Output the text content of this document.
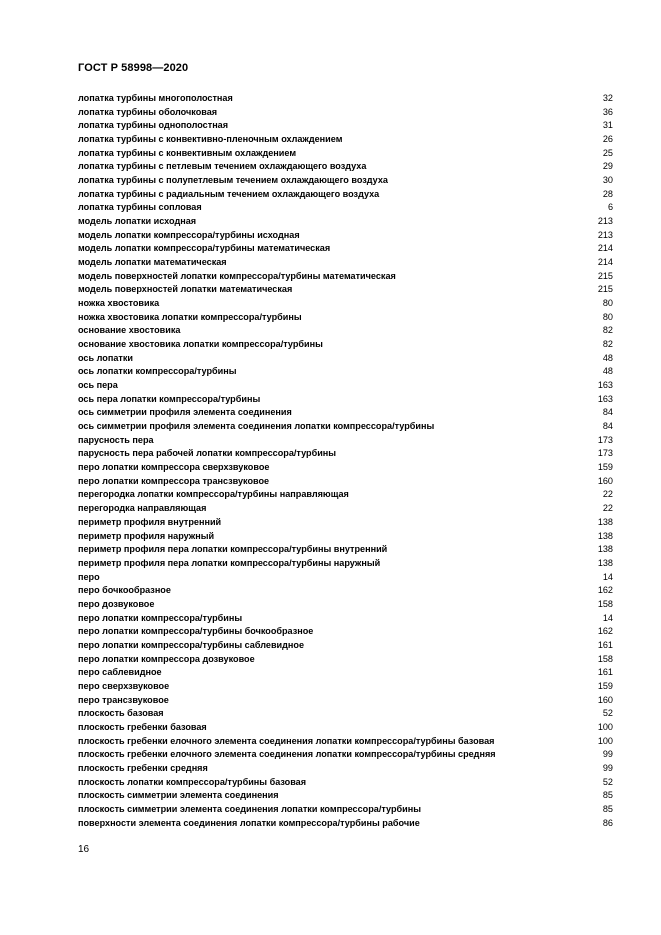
ГОСТ Р 58998—2020
лопатка турбины многополостная	32
лопатка турбины оболочковая	36
лопатка турбины однополостная	31
лопатка турбины с конвективно-пленочным охлаждением	26
лопатка турбины с конвективным охлаждением	25
лопатка турбины с петлевым течением охлаждающего воздуха	29
лопатка турбины с полупетлевым течением охлаждающего воздуха	30
лопатка турбины с радиальным течением охлаждающего воздуха	28
лопатка турбины сопловая	6
модель лопатки исходная	213
модель лопатки компрессора/турбины исходная	213
модель лопатки компрессора/турбины математическая	214
модель лопатки математическая	214
модель поверхностей лопатки компрессора/турбины математическая	215
модель поверхностей лопатки математическая	215
ножка хвостовика	80
ножка хвостовика лопатки компрессора/турбины	80
основание хвостовика	82
основание хвостовика лопатки компрессора/турбины	82
ось лопатки	48
ось лопатки компрессора/турбины	48
ось пера	163
ось пера лопатки компрессора/турбины	163
ось симметрии профиля элемента соединения	84
ось симметрии профиля элемента соединения лопатки компрессора/турбины	84
парусность пера	173
парусность пера рабочей лопатки компрессора/турбины	173
перо лопатки компрессора сверхзвуковое	159
перо лопатки компрессора трансзвуковое	160
перегородка лопатки компрессора/турбины направляющая	22
перегородка направляющая	22
периметр профиля внутренний	138
периметр профиля наружный	138
периметр профиля пера лопатки компрессора/турбины внутренний	138
периметр профиля пера лопатки компрессора/турбины наружный	138
перо	14
перо бочкообразное	162
перо дозвуковое	158
перо лопатки компрессора/турбины	14
перо лопатки компрессора/турбины бочкообразное	162
перо лопатки компрессора/турбины саблевидное	161
перо лопатки компрессора дозвуковое	158
перо саблевидное	161
перо сверхзвуковое	159
перо трансзвуковое	160
плоскость базовая	52
плоскость гребенки базовая	100
плоскость гребенки елочного элемента соединения лопатки компрессора/турбины базовая	100
плоскость гребенки елочного элемента соединения лопатки компрессора/турбины средняя	99
плоскость гребенки средняя	99
плоскость лопатки компрессора/турбины базовая	52
плоскость симметрии элемента соединения	85
плоскость симметрии элемента соединения лопатки компрессора/турбины	85
поверхности элемента соединения лопатки компрессора/турбины рабочие	86
16
